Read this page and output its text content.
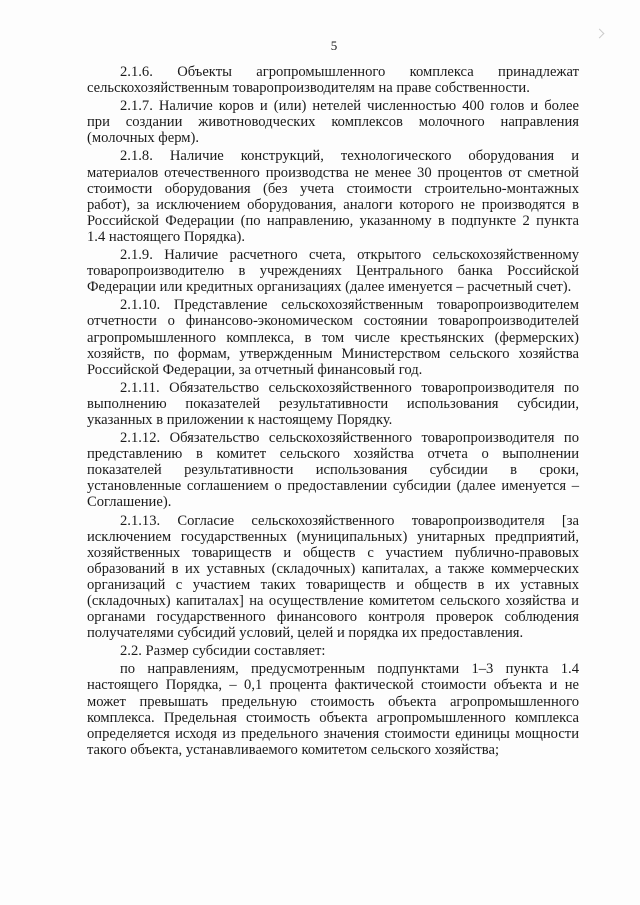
5

2.1.6. Объекты агропромышленного комплекса принадлежат сельскохозяйственным товаропроизводителям на праве собственности.

2.1.7. Наличие коров и (или) нетелей численностью 400 голов и более при создании животноводческих комплексов молочного направления (молочных ферм).

2.1.8. Наличие конструкций, технологического оборудования и материалов отечественного производства не менее 30 процентов от сметной стоимости оборудования (без учета стоимости строительно-монтажных работ), за исключением оборудования, аналоги которого не производятся в Российской Федерации (по направлению, указанному в подпункте 2 пункта 1.4 настоящего Порядка).

2.1.9. Наличие расчетного счета, открытого сельскохозяйственному товаропроизводителю в учреждениях Центрального банка Российской Федерации или кредитных организациях (далее именуется – расчетный счет).

2.1.10. Представление сельскохозяйственным товаропроизводителем отчетности о финансово-экономическом состоянии товаропроизводителей агропромышленного комплекса, в том числе крестьянских (фермерских) хозяйств, по формам, утвержденным Министерством сельского хозяйства Российской Федерации, за отчетный финансовый год.

2.1.11. Обязательство сельскохозяйственного товаропроизводителя по выполнению показателей результативности использования субсидии, указанных в приложении к настоящему Порядку.

2.1.12. Обязательство сельскохозяйственного товаропроизводителя по представлению в комитет сельского хозяйства отчета о выполнении показателей результативности использования субсидии в сроки, установленные соглашением о предоставлении субсидии (далее именуется – Соглашение).

2.1.13. Согласие сельскохозяйственного товаропроизводителя [за исключением государственных (муниципальных) унитарных предприятий, хозяйственных товариществ и обществ с участием публично-правовых образований в их уставных (складочных) капиталах, а также коммерческих организаций с участием таких товариществ и обществ в их уставных (складочных) капиталах] на осуществление комитетом сельского хозяйства и органами государственного финансового контроля проверок соблюдения получателями субсидий условий, целей и порядка их предоставления.

2.2. Размер субсидии составляет:

по направлениям, предусмотренным подпунктами 1–3 пункта 1.4 настоящего Порядка, – 0,1 процента фактической стоимости объекта и не может превышать предельную стоимость объекта агропромышленного комплекса. Предельная стоимость объекта агропромышленного комплекса определяется исходя из предельного значения стоимости единицы мощности такого объекта, устанавливаемого комитетом сельского хозяйства;
